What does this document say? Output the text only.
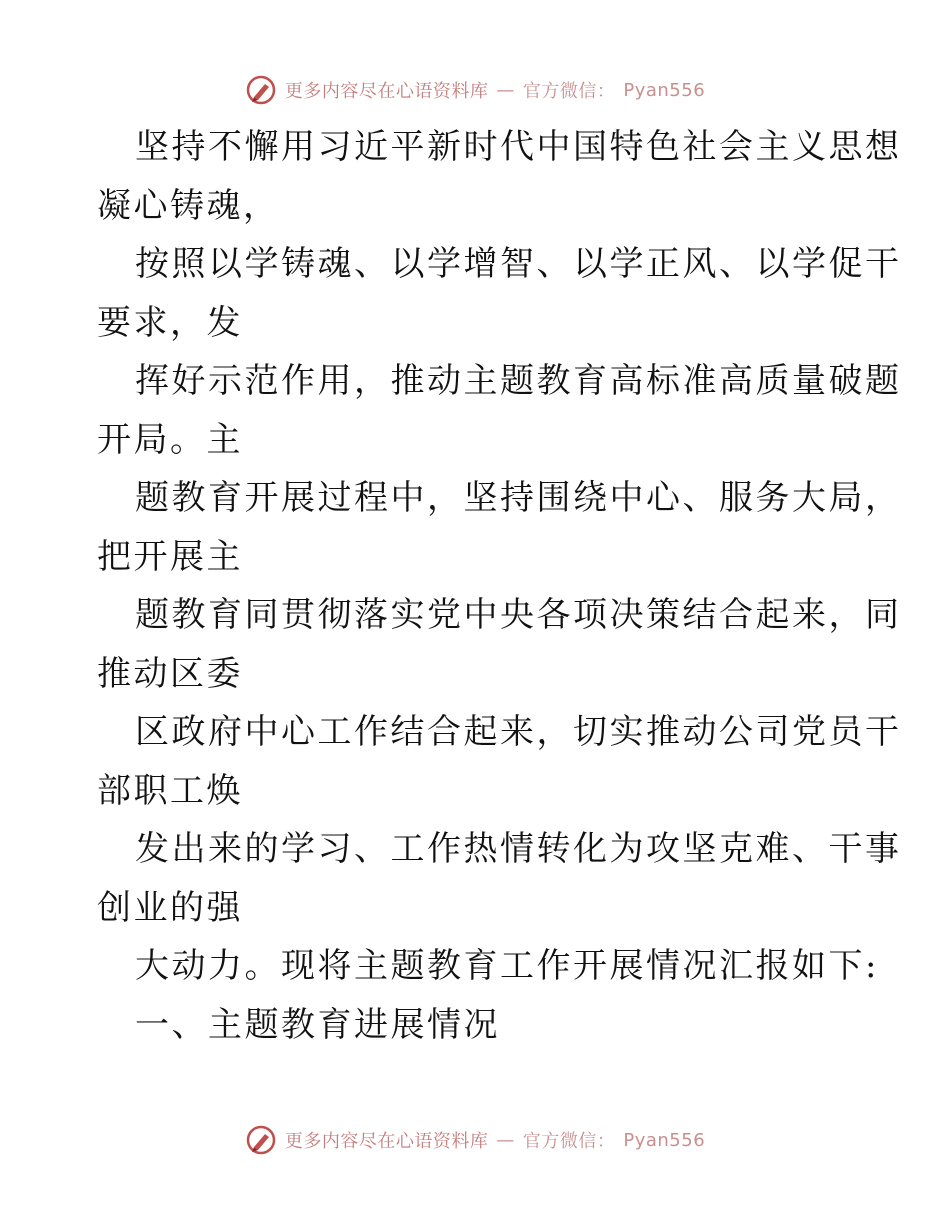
更多内容尽在心语资料库 — 官方微信： Pyan556
坚持不懈用习近平新时代中国特色社会主义思想
凝心铸魂，
按照以学铸魂、以学增智、以学正风、以学促干
要求，发
挥好示范作用，推动主题教育高标准高质量破题
开局。主
题教育开展过程中，坚持围绕中心、服务大局，
把开展主
题教育同贯彻落实党中央各项决策结合起来，同
推动区委
区政府中心工作结合起来，切实推动公司党员干
部职工焕
发出来的学习、工作热情转化为攻坚克难、干事
创业的强
大动力。现将主题教育工作开展情况汇报如下:
一、主题教育进展情况
更多内容尽在心语资料库 — 官方微信： Pyan556
